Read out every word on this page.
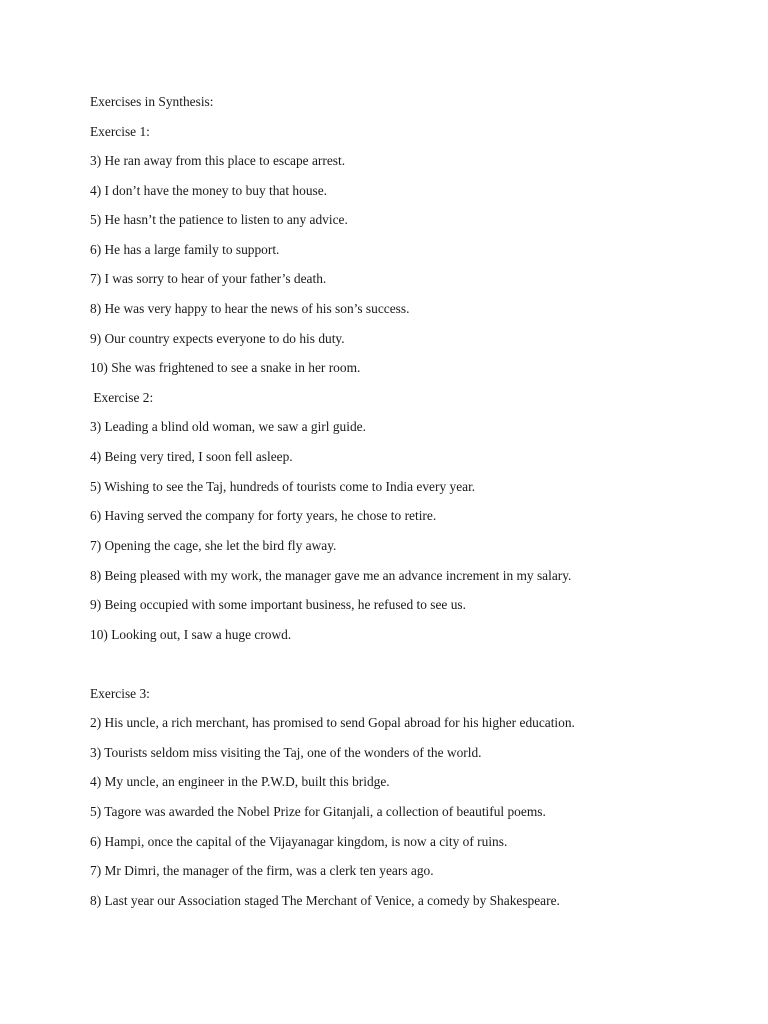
Exercises in Synthesis:
Exercise 1:
3) He ran away from this place to escape arrest.
4) I don’t have the money to buy that house.
5) He hasn’t the patience to listen to any advice.
6) He has a large family to support.
7) I was sorry to hear of your father’s death.
8) He was very happy to hear the news of his son’s success.
9) Our country expects everyone to do his duty.
10) She was frightened to see a snake in her room.
Exercise 2:
3) Leading a blind old woman, we saw a girl guide.
4) Being very tired, I soon fell asleep.
5) Wishing to see the Taj, hundreds of tourists come to India every year.
6) Having served the company for forty years, he chose to retire.
7) Opening the cage, she let the bird fly away.
8) Being pleased with my work, the manager gave me an advance increment in my salary.
9) Being occupied with some important business, he refused to see us.
10) Looking out, I saw a huge crowd.
Exercise 3:
2) His uncle, a rich merchant, has promised to send Gopal abroad for his higher education.
3) Tourists seldom miss visiting the Taj, one of the wonders of the world.
4) My uncle, an engineer in the P.W.D, built this bridge.
5) Tagore was awarded the Nobel Prize for Gitanjali, a collection of beautiful poems.
6) Hampi, once the capital of the Vijayanagar kingdom, is now a city of ruins.
7) Mr Dimri, the manager of the firm, was a clerk ten years ago.
8) Last year our Association staged The Merchant of Venice, a comedy by Shakespeare.
